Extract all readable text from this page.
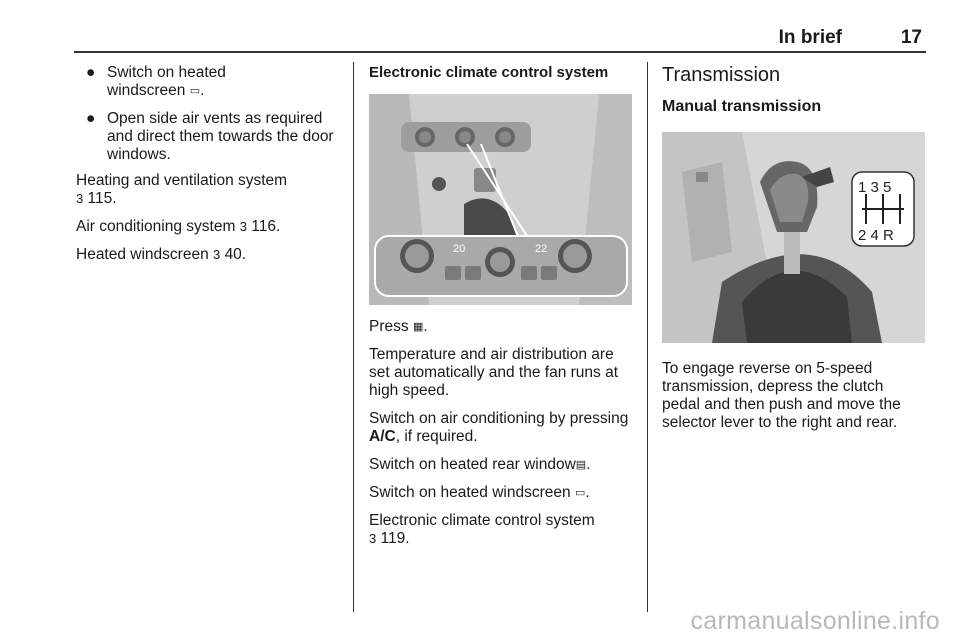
In brief	17
● Switch on heated

windscreen ▭.

● Open side air vents as required

and direct them towards the door

windows.

Heating and ventilation system

3 115.

Air conditioning system 3 116.

Heated windscreen 3 40.

Electronic climate control system
20	22

Press ▦.

Temperature and air distribution are

set automatically and the fan runs at

high speed.

Switch on air conditioning by pressing

A/C, if required.

Switch on heated rear window▤.

Switch on heated windscreen ▭.

Electronic climate control system

3 119.

Transmission
Manual transmission
1 3 5
2 4 R

To engage reverse on 5-speed

transmission, depress the clutch

pedal and then push and move the

selector lever to the right and rear.

carmanualsonline.info
